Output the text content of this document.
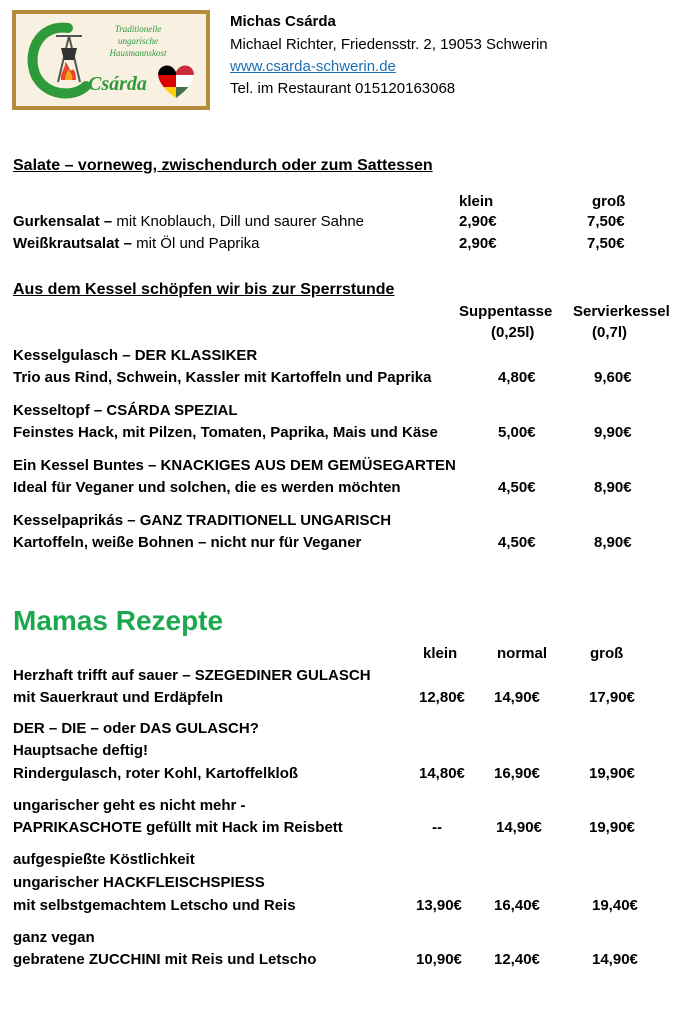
Traditionelle
ungarische
Hausmannskost
Csárda
Michas Csárda
Michael Richter, Friedensstr. 2, 19053 Schwerin
www.csarda-schwerin.de
Tel. im Restaurant 015120163068
Salate – vorneweg, zwischendurch oder zum Sattessen
klein	groß
Gurkensalat – mit Knoblauch, Dill und saurer Sahne	2,90€	7,50€
Weißkrautsalat – mit Öl und Paprika	2,90€	7,50€
Aus dem Kessel schöpfen wir bis zur Sperrstunde
Suppentasse
(0,25l)
Servierkessel
(0,7l)
Kesselgulasch – DER KLASSIKER
Trio aus Rind, Schwein, Kassler mit Kartoffeln und Paprika	4,80€	9,60€
Kesseltopf – CSÁRDA SPEZIAL
Feinstes Hack, mit Pilzen, Tomaten, Paprika, Mais und Käse	5,00€	9,90€
Ein Kessel Buntes – KNACKIGES AUS DEM GEMÜSEGARTEN
Ideal für Veganer und solchen, die es werden möchten	4,50€	8,90€
Kesselpaprikás – GANZ TRADITIONELL UNGARISCH
Kartoffeln, weiße Bohnen – nicht nur für Veganer	4,50€	8,90€
Mamas Rezepte
klein	normal	groß
Herzhaft trifft auf sauer – SZEGEDINER GULASCH
mit Sauerkraut und Erdäpfeln	12,80€ 14,90€	17,90€
DER – DIE – oder DAS GULASCH?
Hauptsache deftig!
Rindergulasch, roter Kohl, Kartoffelkloß	14,80€ 16,90€	19,90€
ungarischer geht es nicht mehr -
PAPRIKASCHOTE gefüllt mit Hack im Reisbett	--	14,90€	19,90€
aufgespießte Köstlichkeit
ungarischer HACKFLEISCHSPIESS
mit selbstgemachtem Letscho und Reis	13,90€ 16,40€	19,40€
ganz vegan
gebratene ZUCCHINI mit Reis und Letscho	10,90€ 12,40€	14,90€
